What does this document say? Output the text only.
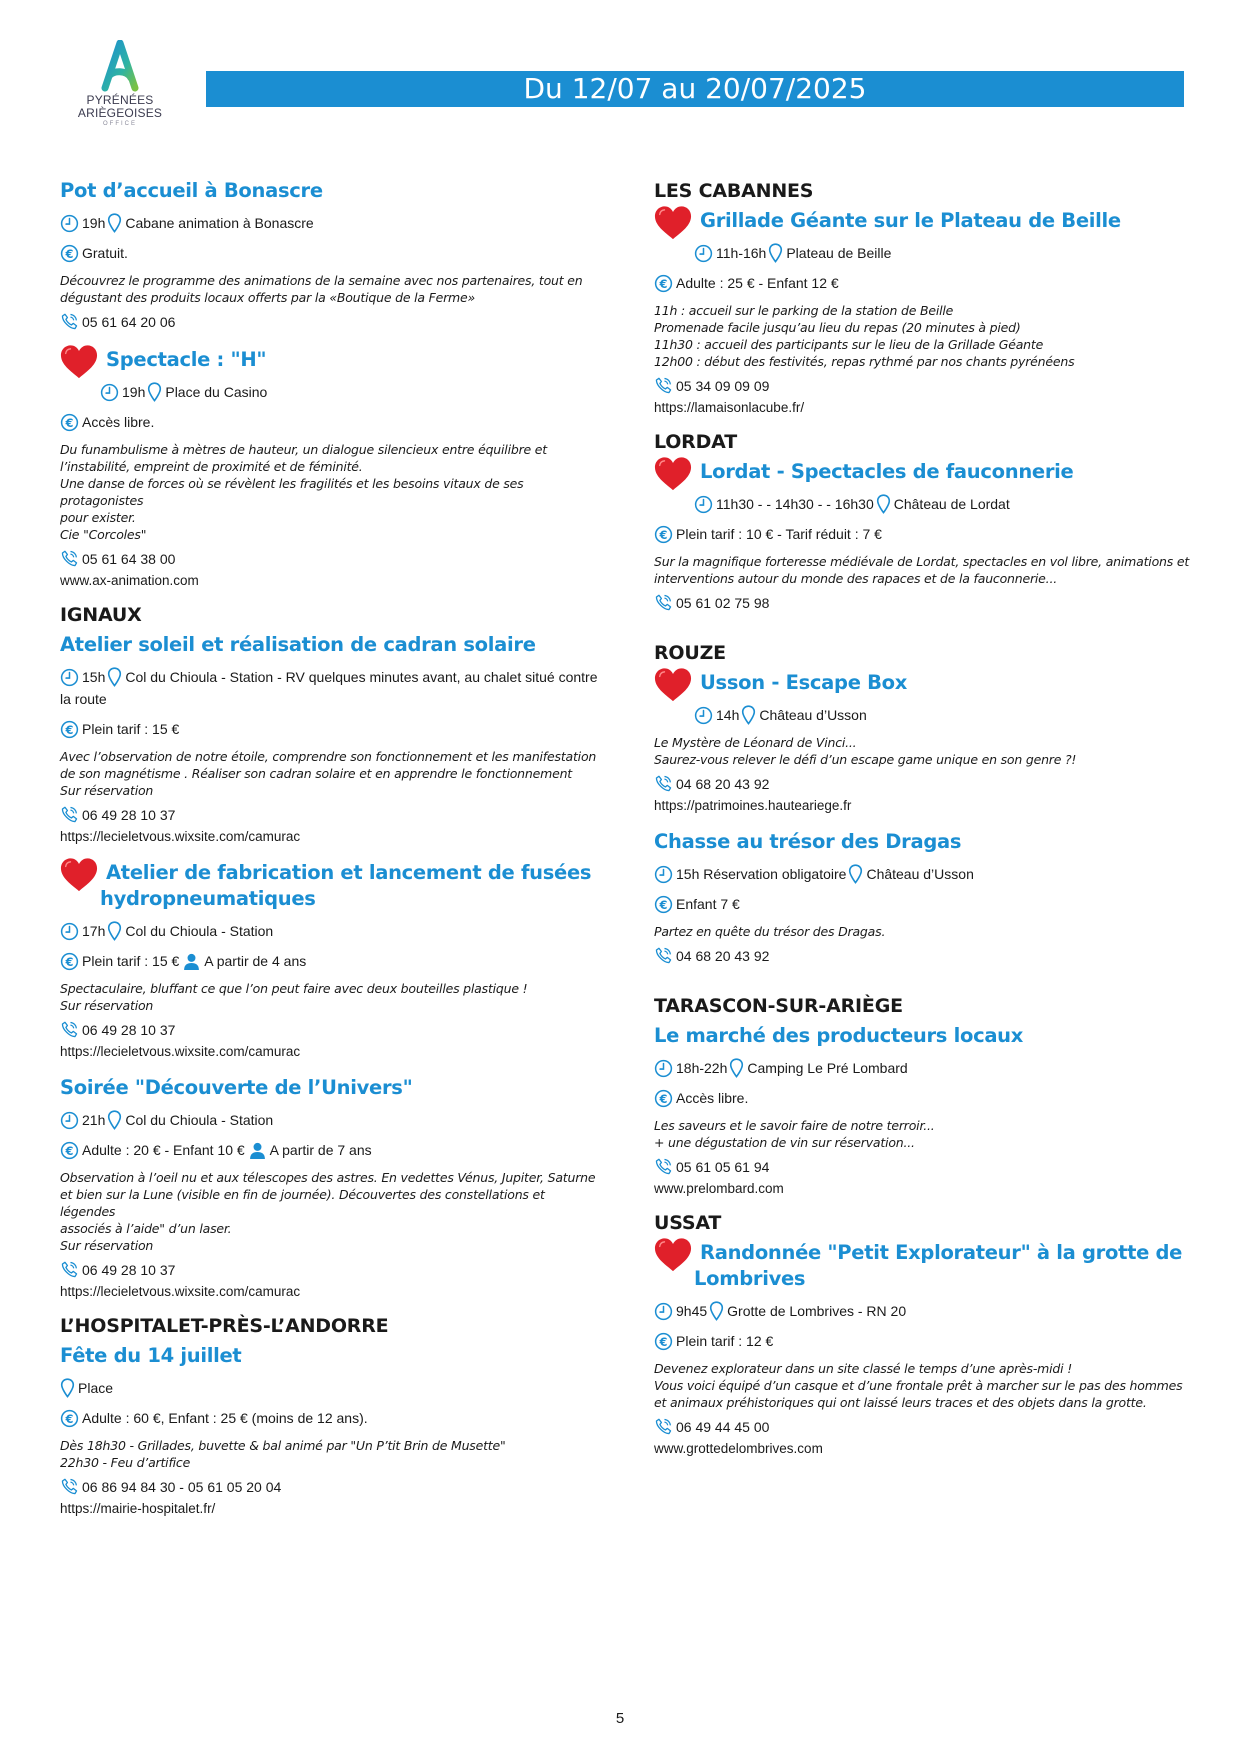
PYRÉNÉES
ARIÈGEOISES
OFFICE
Du 12/07 au 20/07/2025
Pot d’accueil à Bonascre
19h Cabane animation à Bonascre
Gratuit.
Découvrez le programme des animations de la semaine avec nos partenaires, tout en
dégustant des produits locaux offerts par la «Boutique de la Ferme»
05 61 64 20 06
Spectacle : "H"
19h Place du Casino
Accès libre.
Du funambulisme à mètres de hauteur, un dialogue silencieux entre équilibre et
l’instabilité, empreint de proximité et de féminité.
Une danse de forces où se révèlent les fragilités et les besoins vitaux de ses protagonistes
pour exister.
Cie "Corcoles"
05 61 64 38 00
www.ax-animation.com
IGNAUX
Atelier soleil et réalisation de cadran solaire
15h Col du Chioula - Station - RV quelques minutes avant, au chalet situé contre
la route
Plein tarif : 15 €
Avec l’observation de notre étoile, comprendre son fonctionnement et les manifestation
de son magnétisme . Réaliser son cadran solaire et en apprendre le fonctionnement
Sur réservation
06 49 28 10 37
https://lecieletvous.wixsite.com/camurac
Atelier de fabrication et lancement de fusées
hydropneumatiques
17h Col du Chioula - Station
Plein tarif : 15 € A partir de 4 ans
Spectaculaire, bluffant ce que l’on peut faire avec deux bouteilles plastique !
Sur réservation
06 49 28 10 37
https://lecieletvous.wixsite.com/camurac
Soirée "Découverte de l’Univers"
21h Col du Chioula - Station
Adulte : 20 € - Enfant 10 € A partir de 7 ans
Observation à l’oeil nu et aux télescopes des astres. En vedettes Vénus, Jupiter, Saturne
et bien sur la Lune (visible en fin de journée). Découvertes des constellations et légendes
associés à l’aide" d’un laser.
Sur réservation
06 49 28 10 37
https://lecieletvous.wixsite.com/camurac
L’HOSPITALET-PRÈS-L’ANDORRE
Fête du 14 juillet
Place
Adulte : 60 €, Enfant : 25 € (moins de 12 ans).
Dès 18h30 - Grillades, buvette & bal animé par "Un P’tit Brin de Musette"
22h30 - Feu d’artifice
06 86 94 84 30 - 05 61 05 20 04
https://mairie-hospitalet.fr/
LES CABANNES
Grillade Géante sur le Plateau de Beille
11h-16h Plateau de Beille
Adulte : 25 € - Enfant 12 €
11h : accueil sur le parking de la station de Beille
Promenade facile jusqu’au lieu du repas (20 minutes à pied)
11h30 : accueil des participants sur le lieu de la Grillade Géante
12h00 : début des festivités, repas rythmé par nos chants pyrénéens
05 34 09 09 09
https://lamaisonlacube.fr/
LORDAT
Lordat - Spectacles de fauconnerie
11h30 - - 14h30 - - 16h30 Château de Lordat
Plein tarif : 10 € - Tarif réduit : 7 €
Sur la magnifique forteresse médiévale de Lordat, spectacles en vol libre, animations et
interventions autour du monde des rapaces et de la fauconnerie...
05 61 02 75 98
ROUZE
Usson - Escape Box
14h Château d’Usson
Le Mystère de Léonard de Vinci...
Saurez-vous relever le défi d’un escape game unique en son genre ?!
04 68 20 43 92
https://patrimoines.hauteariege.fr
Chasse au trésor des Dragas
15h Réservation obligatoire Château d’Usson
Enfant 7 €
Partez en quête du trésor des Dragas.
04 68 20 43 92
TARASCON-SUR-ARIÈGE
Le marché des producteurs locaux
18h-22h Camping Le Pré Lombard
Accès libre.
Les saveurs et le savoir faire de notre terroir...
+ une dégustation de vin sur réservation...
05 61 05 61 94
www.prelombard.com
USSAT
Randonnée "Petit Explorateur" à la grotte de
Lombrives
9h45 Grotte de Lombrives - RN 20
Plein tarif : 12 €
Devenez explorateur dans un site classé le temps d’une après-midi !
Vous voici équipé d’un casque et d’une frontale prêt à marcher sur le pas des hommes
et animaux préhistoriques qui ont laissé leurs traces et des objets dans la grotte.
06 49 44 45 00
www.grottedelombrives.com
5
